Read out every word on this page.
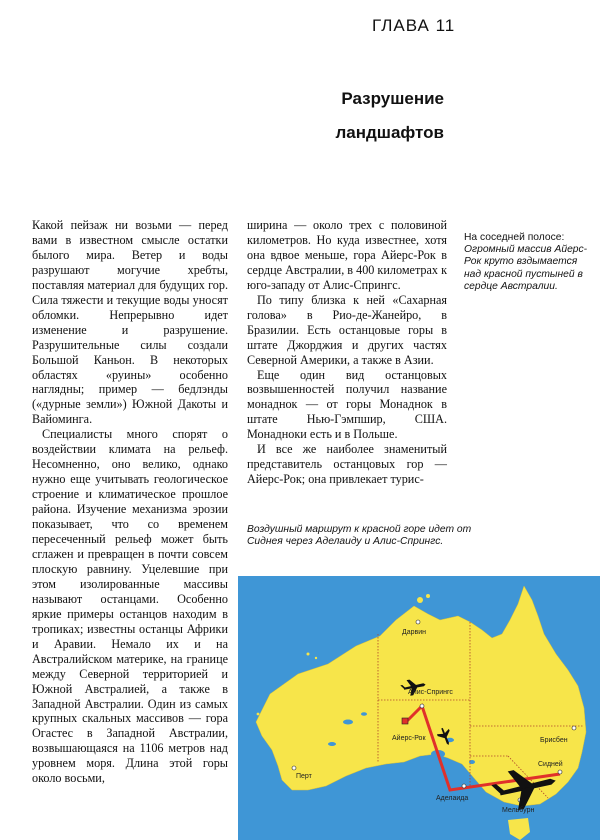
ГЛАВА 11
Разрушение
ландшафтов

Какой пейзаж ни возьми — перед вами в известном смысле остатки былого мира. Ветер и воды разрушают могучие хребты, поставляя материал для будущих гор. Сила тяжести и текущие воды уносят обломки. Непрерывно идет изменение и разрушение. Разрушительные силы создали Большой Каньон. В некоторых областях «руины» особенно наглядны; пример — бедлэнды («дурные земли») Южной Дакоты и Вайоминга.

Специалисты много спорят о воздействии климата на рельеф. Несомненно, оно велико, однако нужно еще учитывать геологическое строение и климатическое прошлое района. Изучение механизма эрозии показывает, что со временем пересеченный рельеф может быть сглажен и превращен в почти совсем плоскую равнину. Уцелевшие при этом изолированные массивы называют останцами. Особенно яркие примеры останцов находим в тропиках; известны останцы Африки и Аравии. Немало их и на Австралийском материке, на границе между Северной территорией и Южной Австралией, а также в Западной Австралии. Один из самых крупных скальных массивов — гора Огастес в Западной Австралии, возвышающаяся на 1106 метров над уровнем моря. Длина этой горы около восьми,

ширина — около трех с половиной километров. Но куда известнее, хотя она вдвое меньше, гора Айерс-Рок в сердце Австралии, в 400 километрах к юго-западу от Алис-Спрингс.

По типу близка к ней «Сахарная голова» в Рио-де-Жанейро, в Бразилии. Есть останцовые горы в штате Джорджия и других частях Северной Америки, а также в Азии.

Еще один вид останцовых возвышенностей получил название монаднок — от горы Монаднок в штате Нью-Гэмпшир, США. Монадноки есть и в Польше.

И все же наиболее знаменитый представитель останцовых гор — Айерс-Рок; она привлекает турис-

На соседней полосе:
Огромный массив Айерс-Рок круто вздымается над красной пустыней в сердце Австралии.
Воздушный маршрут к красной горе идет от Сиднея через Аделаиду и Алис-Спрингс.
Дарвин
Алис-Спрингс
Айерс-Рок	Брисбен
Перт
Аделаида
Сидней
Мельбурн
